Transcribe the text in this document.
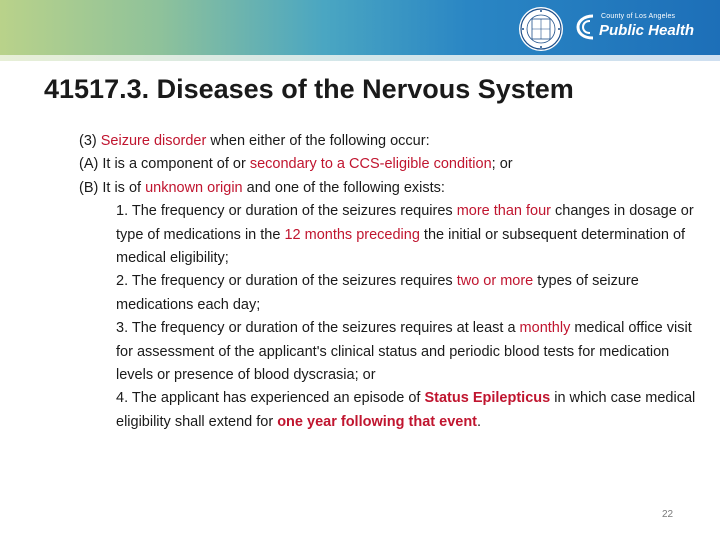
County of Los Angeles
Public Health
41517.3. Diseases of the Nervous System

(3) Seizure disorder when either of the following occur:

(A) It is a component of or secondary to a CCS-eligible condition; or

(B) It is of unknown origin and one of the following exists:

1. The frequency or duration of the seizures requires more than four changes in dosage or type of medications in the 12 months preceding the initial or subsequent determination of medical eligibility;

2. The frequency or duration of the seizures requires two or more types of seizure medications each day;

3. The frequency or duration of the seizures requires at least a monthly medical office visit for assessment of the applicant's clinical status and periodic blood tests for medication levels or presence of blood dyscrasia; or

4. The applicant has experienced an episode of Status Epilepticus in which case medical eligibility shall extend for one year following that event.

22
